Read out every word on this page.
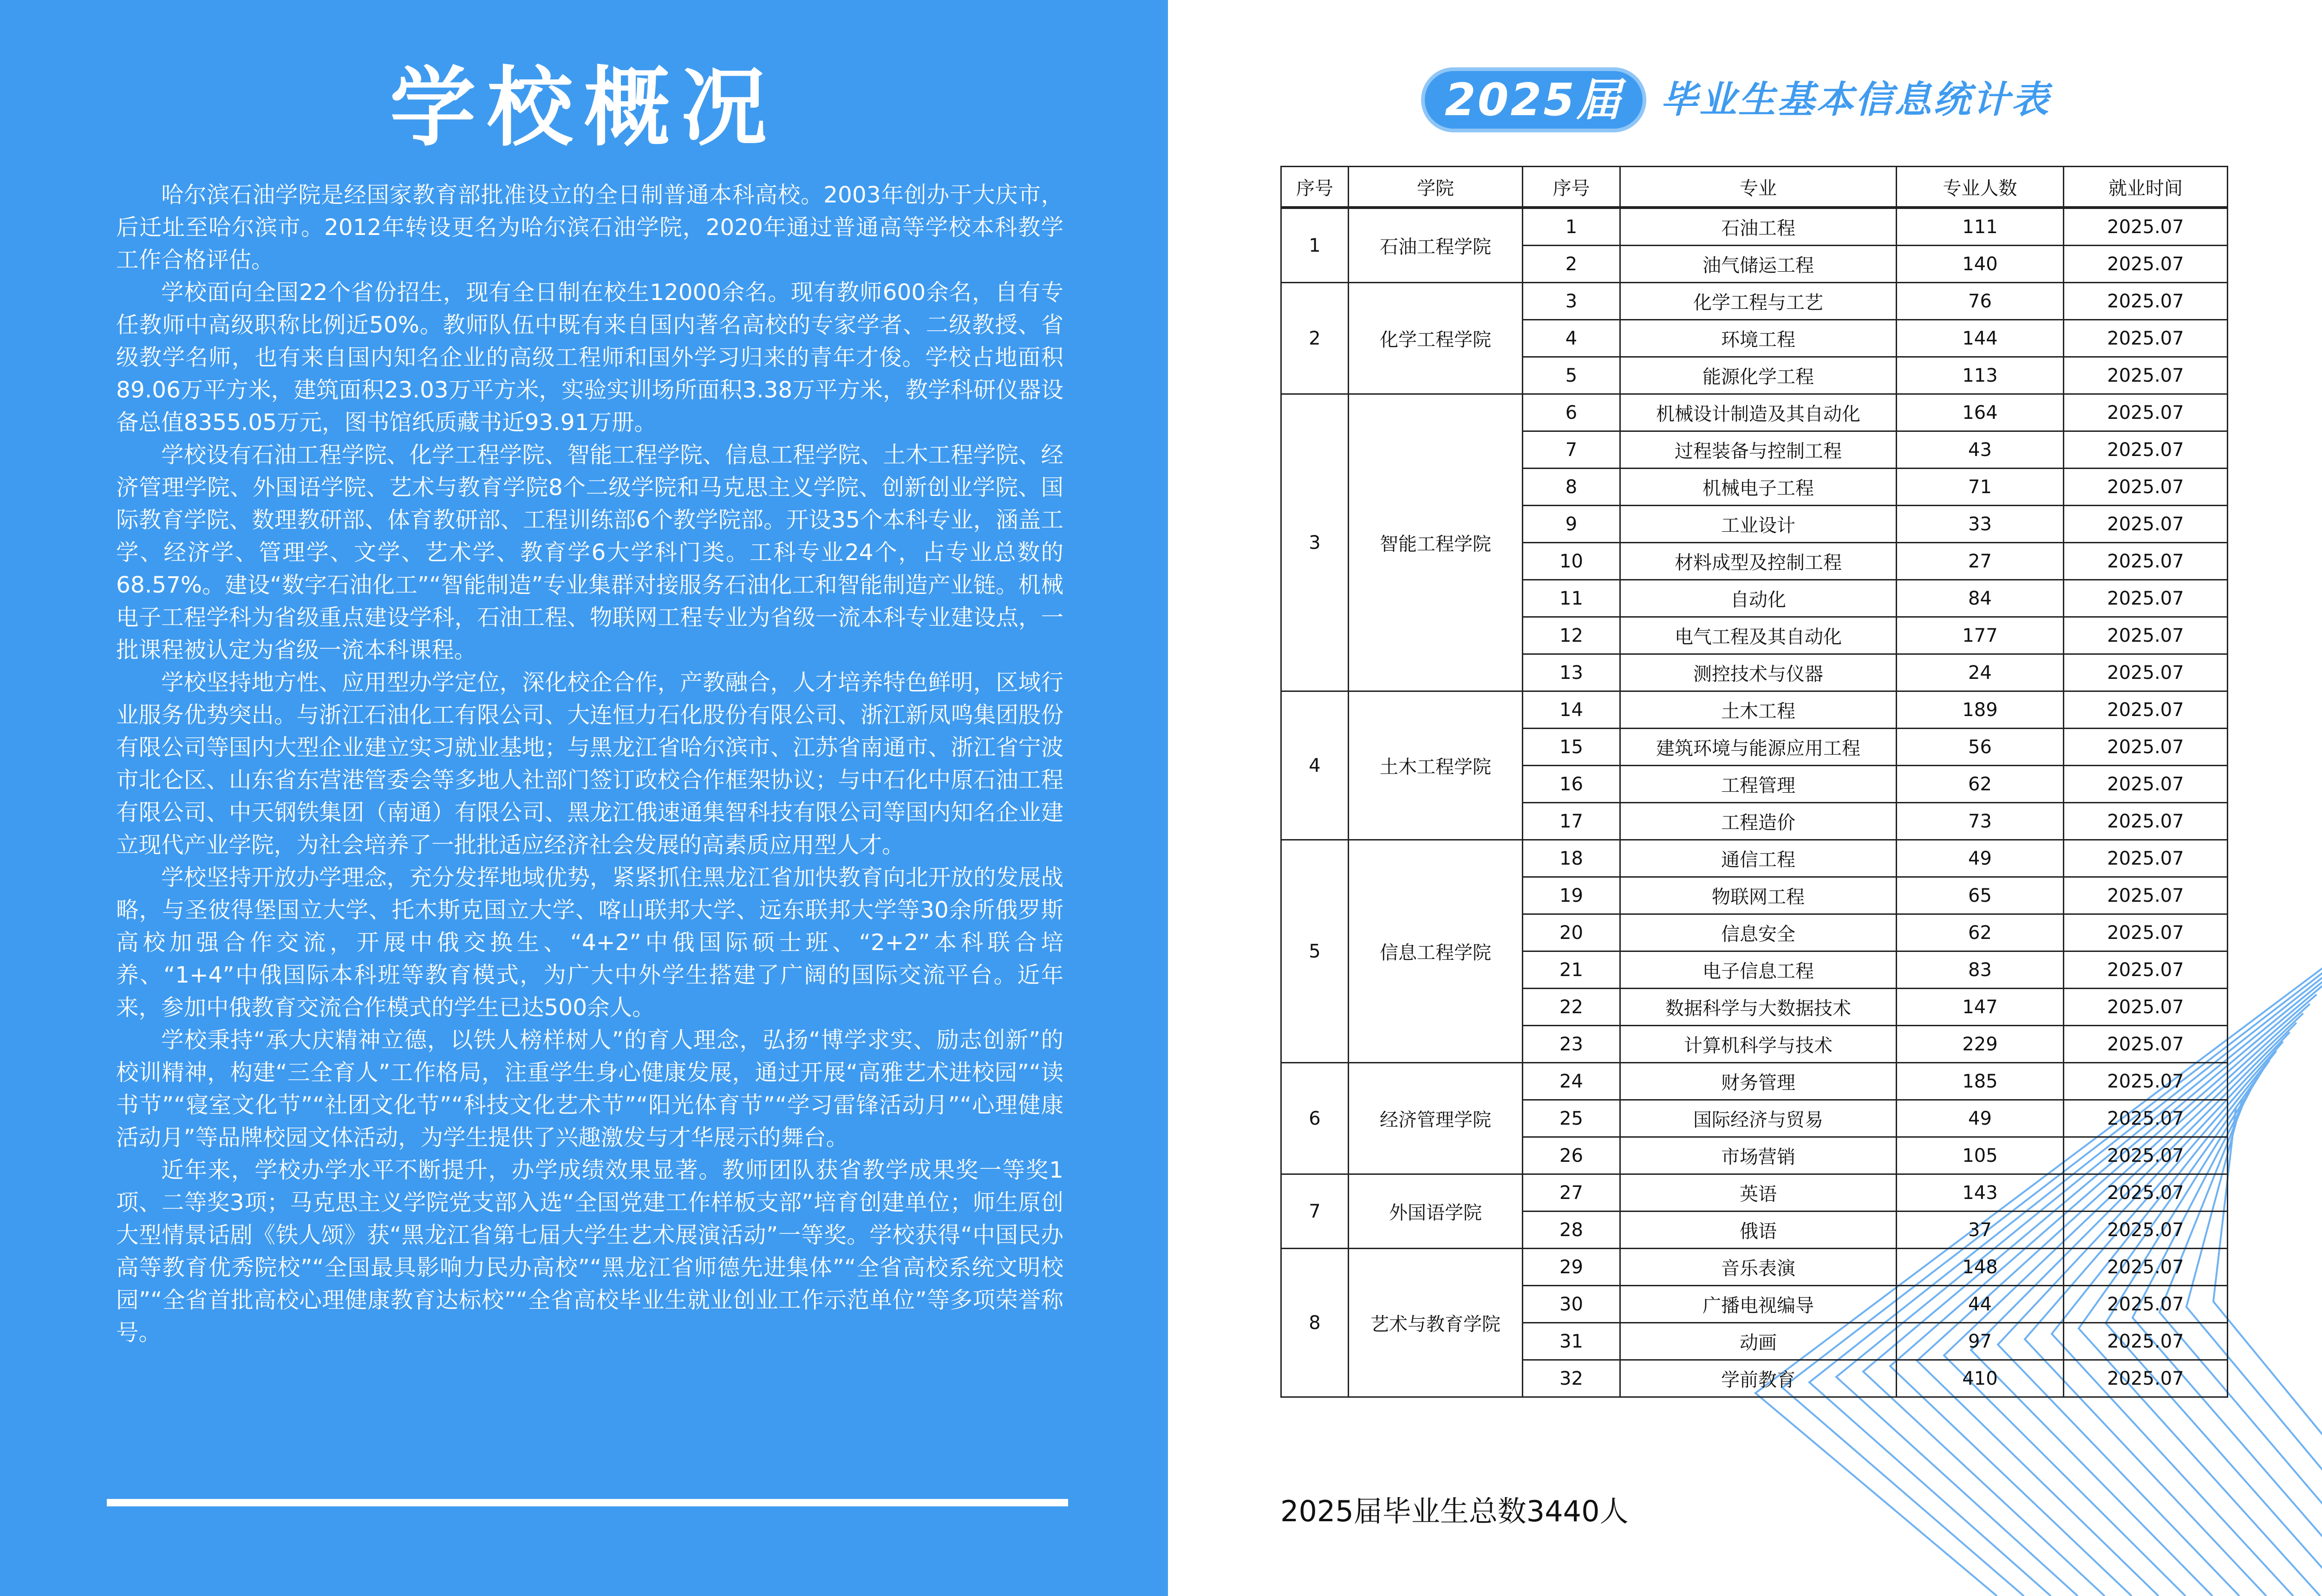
学校概况

哈尔滨石油学院是经国家教育部批准设立的全日制普通本科高校。2003年创办于大庆市，后迁址至哈尔滨市。2012年转设更名为哈尔滨石油学院，2020年通过普通高等学校本科教学工作合格评估。

学校面向全国22个省份招生，现有全日制在校生12000余名。现有教师600余名，自有专任教师中高级职称比例近50%。教师队伍中既有来自国内著名高校的专家学者、二级教授、省级教学名师，也有来自国内知名企业的高级工程师和国外学习归来的青年才俊。学校占地面积89.06万平方米，建筑面积23.03万平方米，实验实训场所面积3.38万平方米，教学科研仪器设备总值8355.05万元，图书馆纸质藏书近93.91万册。

学校设有石油工程学院、化学工程学院、智能工程学院、信息工程学院、土木工程学院、经济管理学院、外国语学院、艺术与教育学院8个二级学院和马克思主义学院、创新创业学院、国际教育学院、数理教研部、体育教研部、工程训练部6个教学院部。开设35个本科专业，涵盖工学、经济学、管理学、文学、艺术学、教育学6大学科门类。工科专业24个，占专业总数的68.57%。建设“数字石油化工”“智能制造”专业集群对接服务石油化工和智能制造产业链。机械电子工程学科为省级重点建设学科，石油工程、物联网工程专业为省级一流本科专业建设点，一批课程被认定为省级一流本科课程。

学校坚持地方性、应用型办学定位，深化校企合作，产教融合，人才培养特色鲜明，区域行业服务优势突出。与浙江石油化工有限公司、大连恒力石化股份有限公司、浙江新凤鸣集团股份有限公司等国内大型企业建立实习就业基地；与黑龙江省哈尔滨市、江苏省南通市、浙江省宁波市北仑区、山东省东营港管委会等多地人社部门签订政校合作框架协议；与中石化中原石油工程有限公司、中天钢铁集团（南通）有限公司、黑龙江俄速通集智科技有限公司等国内知名企业建立现代产业学院，为社会培养了一批批适应经济社会发展的高素质应用型人才。

学校坚持开放办学理念，充分发挥地域优势，紧紧抓住黑龙江省加快教育向北开放的发展战略，与圣彼得堡国立大学、托木斯克国立大学、喀山联邦大学、远东联邦大学等30余所俄罗斯高校加强合作交流，开展中俄交换生、“4+2”中俄国际硕士班、“2+2”本科联合培养、“1+4”中俄国际本科班等教育模式，为广大中外学生搭建了广阔的国际交流平台。近年来，参加中俄教育交流合作模式的学生已达500余人。

学校秉持“承大庆精神立德，以铁人榜样树人”的育人理念，弘扬“博学求实、励志创新”的校训精神，构建“三全育人”工作格局，注重学生身心健康发展，通过开展“高雅艺术进校园”“读书节”“寝室文化节”“社团文化节”“科技文化艺术节”“阳光体育节”“学习雷锋活动月”“心理健康活动月”等品牌校园文体活动，为学生提供了兴趣激发与才华展示的舞台。

近年来，学校办学水平不断提升，办学成绩效果显著。教师团队获省教学成果奖一等奖1项、二等奖3项；马克思主义学院党支部入选“全国党建工作样板支部”培育创建单位；师生原创大型情景话剧《铁人颂》获“黑龙江省第七届大学生艺术展演活动”一等奖。学校获得“中国民办高等教育优秀院校”“全国最具影响力民办高校”“黑龙江省师德先进集体”“全省高校系统文明校园”“全省首批高校心理健康教育达标校”“全省高校毕业生就业创业工作示范单位”等多项荣誉称号。

2025届	毕业生基本信息统计表
序号	学院	序号	专业	专业人数	就业时间
1	石油工程学院	1	石油工程	111	2025.07
		2	油气储运工程	140	2025.07
2	化学工程学院	3	化学工程与工艺	76	2025.07
		4	环境工程	144	2025.07
		5	能源化学工程	113	2025.07
3	智能工程学院	6	机械设计制造及其自动化	164	2025.07
		7	过程装备与控制工程	43	2025.07
		8	机械电子工程	71	2025.07
		9	工业设计	33	2025.07
		10	材料成型及控制工程	27	2025.07
		11	自动化	84	2025.07
		12	电气工程及其自动化	177	2025.07
		13	测控技术与仪器	24	2025.07
4	土木工程学院	14	土木工程	189	2025.07
		15	建筑环境与能源应用工程	56	2025.07
		16	工程管理	62	2025.07
		17	工程造价	73	2025.07
5	信息工程学院	18	通信工程	49	2025.07
		19	物联网工程	65	2025.07
		20	信息安全	62	2025.07
		21	电子信息工程	83	2025.07
		22	数据科学与大数据技术	147	2025.07
		23	计算机科学与技术	229	2025.07
6	经济管理学院	24	财务管理	185	2025.07
		25	国际经济与贸易	49	2025.07
		26	市场营销	105	2025.07
7	外国语学院	27	英语	143	2025.07
		28	俄语	37	2025.07
8	艺术与教育学院	29	音乐表演	148	2025.07
		30	广播电视编导	44	2025.07
		31	动画	97	2025.07
		32	学前教育	410	2025.07
2025届毕业生总数3440人
